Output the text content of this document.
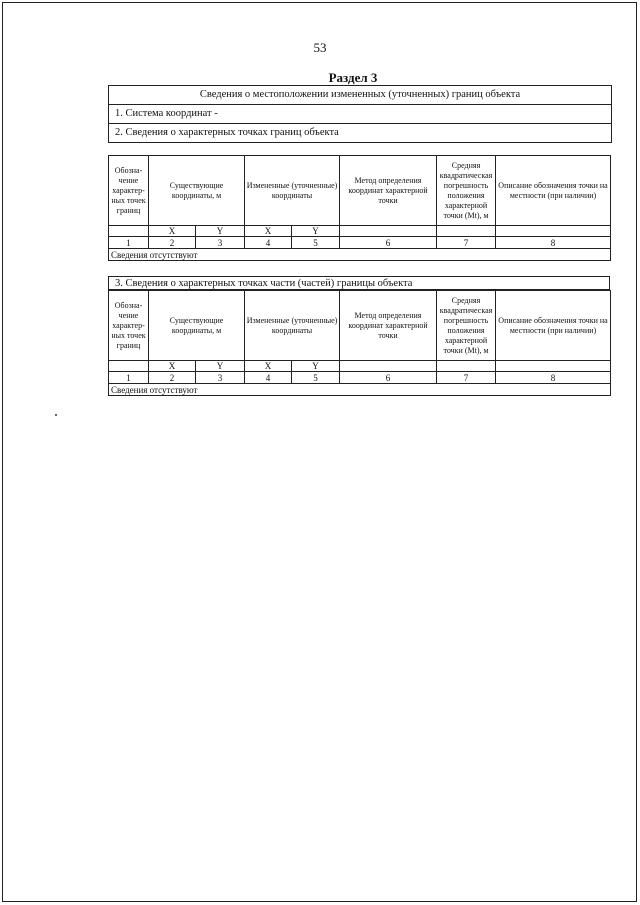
53
Раздел 3
Сведения о местоположении измененных (уточненных) границ объекта
1. Система координат -
2. Сведения о характерных точках границ объекта
Обозна-чение характер-ных точек границ	Существующие координаты, м		Измененные (уточненные) координаты		Метод определения координат характерной точки	Средняя квадратическая погрешность положения характерной точки (Mt), м	Описание обозначения точки на местности (при наличии)
	X	Y	X	Y			
1	2	3	4	5	6	7	8
Сведения отсутствуют							
3. Сведения о характерных точках части (частей) границы объекта
Обозна-чение характер-ных точек границ	Существующие координаты, м		Измененные (уточненные) координаты		Метод определения координат характерной точки	Средняя квадратическая погрешность положения характерной точки (Mt), м	Описание обозначения точки на местности (при наличии)
	X	Y	X	Y			
1	2	3	4	5	6	7	8
Сведения отсутствуют							
